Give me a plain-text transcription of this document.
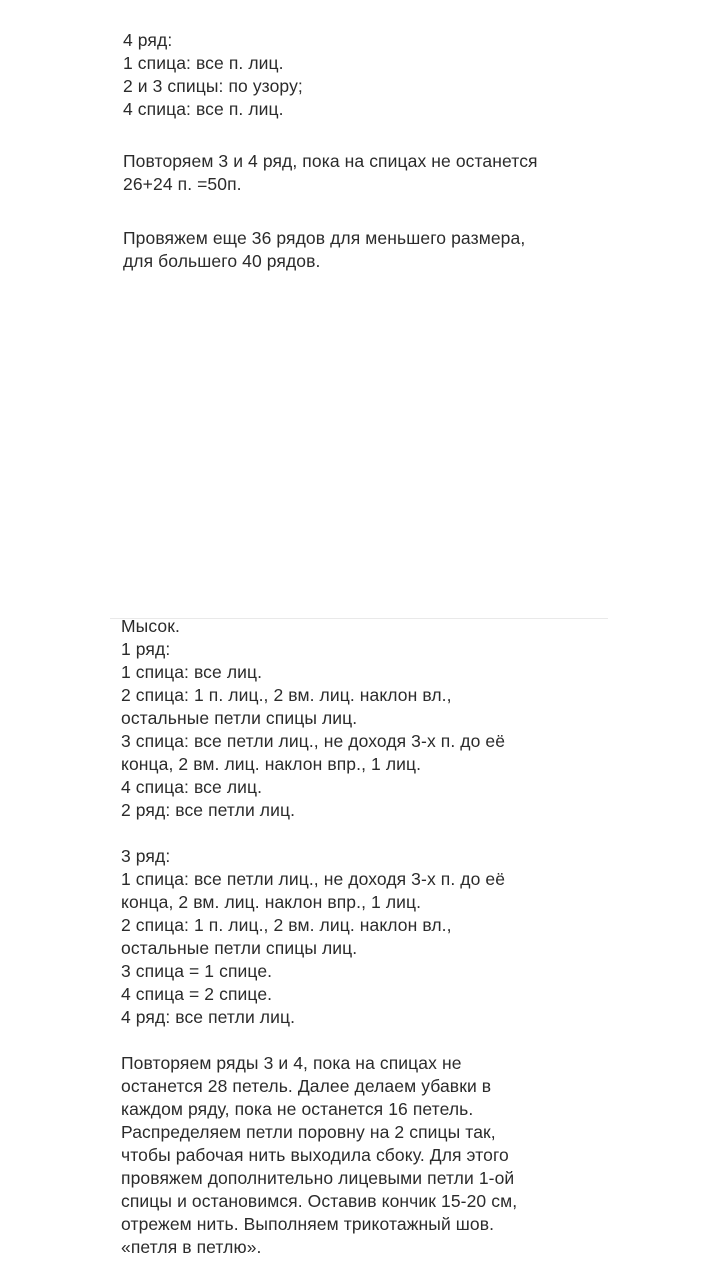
4 ряд:
1 спица: все п. лиц.
2 и 3 спицы: по узору;
4 спица: все п. лиц.
Повторяем 3 и 4 ряд, пока на спицах не останется
26+24 п. =50п.
Провяжем еще 36 рядов для меньшего размера,
для большего 40 рядов.
Мысок.
1 ряд:
1 спица: все лиц.
2 спица: 1 п. лиц., 2 вм. лиц. наклон вл.,
остальные петли спицы лиц.
3 спица: все петли лиц., не доходя 3-х п. до её
конца, 2 вм. лиц. наклон впр., 1 лиц.
4 спица: все лиц.
2 ряд: все петли лиц.
3 ряд:
1 спица: все петли лиц., не доходя 3-х п. до её
конца, 2 вм. лиц. наклон впр., 1 лиц.
2 спица: 1 п. лиц., 2 вм. лиц. наклон вл.,
остальные петли спицы лиц.
3 спица = 1 спице.
4 спица = 2 спице.
4 ряд: все петли лиц.
Повторяем ряды 3 и 4, пока на спицах не
останется 28 петель. Далее делаем убавки в
каждом ряду, пока не останется 16 петель.
Распределяем петли поровну на 2 спицы так,
чтобы рабочая нить выходила сбоку. Для этого
провяжем дополнительно лицевыми петли 1-ой
спицы и остановимся. Оставив кончик 15-20 см,
отрежем нить. Выполняем трикотажный шов.
«петля в петлю».
